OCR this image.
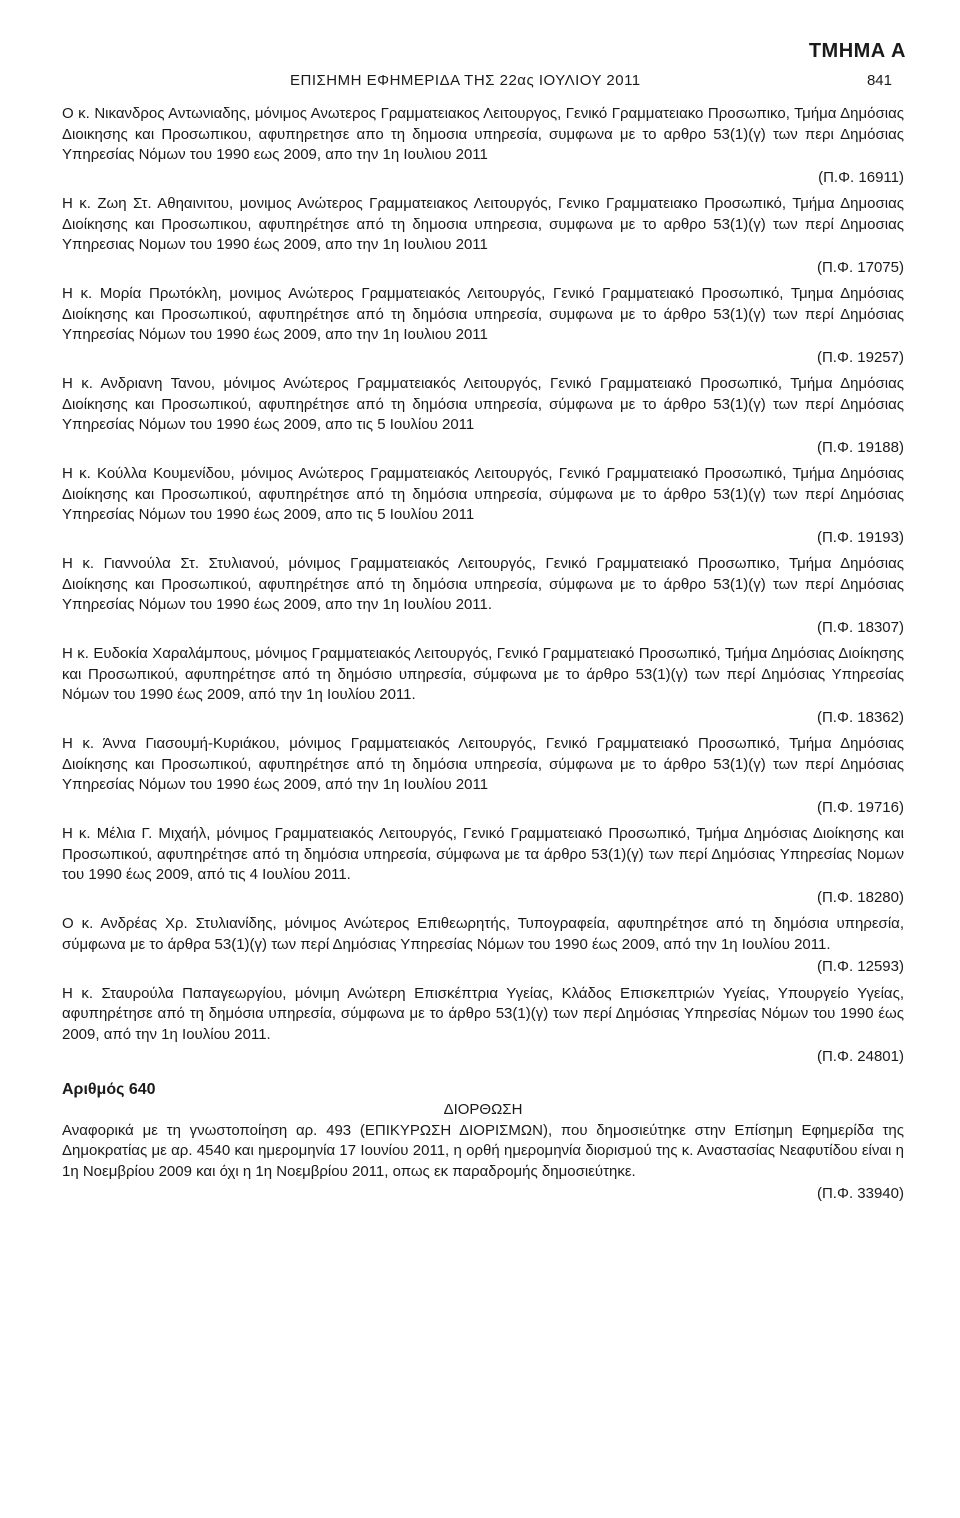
ΤΜΗΜΑ Α
ΕΠΙΣΗΜΗ ΕΦΗΜΕΡΙΔΑ ΤΗΣ 22ας ΙΟΥΛΙΟΥ 2011	841

Ο κ. Νικανδρος Αντωνιαδης, μόνιμος Ανωτερος Γραμματειακος Λειτουργος, Γενικό Γραμματειακο Προσωπικο, Τμήμα Δημόσιας Διοικησης και Προσωπικου, αφυπηρετησε απο τη δημοσια υπηρεσία, συμφωνα με το αρθρο 53(1)(γ) των περι Δημόσιας Υπηρεσίας Νόμων του 1990 εως 2009, απο την 1η Ιουλιου 2011

(Π.Φ. 16911)

Η κ. Ζωη Στ. Αθηαινιτου, μονιμος Ανώτερος Γραμματειακος Λειτουργός, Γενικο Γραμματειακο Προσωπικό, Τμήμα Δημοσιας Διοίκησης και Προσωπικου, αφυπηρέτησε από τη δημοσια υπηρεσια, συμφωνα με το αρθρο 53(1)(γ) των περί Δημοσιας Υπηρεσιας Νομων του 1990 έως 2009, απο την 1η Ιουλιου 2011

(Π.Φ. 17075)

Η κ. Μορία Πρωτόκλη, μονιμος Ανώτερος Γραμματειακός Λειτουργός, Γενικό Γραμματειακό Προσωπικό, Τμημα Δημόσιας Διοίκησης και Προσωπικού, αφυπηρέτησε από τη δημόσια υπηρεσία, συμφωνα με το άρθρο 53(1)(γ) των περί Δημόσιας Υπηρεσίας Νόμων του 1990 έως 2009, απο την 1η Ιουλιου 2011

(Π.Φ. 19257)

Η κ. Ανδριανη Τανου, μόνιμος Ανώτερος Γραμματειακός Λειτουργός, Γενικό Γραμματειακό Προσωπικό, Τμήμα Δημόσιας Διοίκησης και Προσωπικού, αφυπηρέτησε από τη δημόσια υπηρεσία, σύμφωνα με το άρθρο 53(1)(γ) των περί Δημόσιας Υπηρεσίας Νόμων του 1990 έως 2009, απο τις 5 Ιουλίου 2011

(Π.Φ. 19188)

Η κ. Κούλλα Κουμενίδου, μόνιμος Ανώτερος Γραμματειακός Λειτουργός, Γενικό Γραμματειακό Προσωπικό, Τμήμα Δημόσιας Διοίκησης και Προσωπικού, αφυπηρέτησε από τη δημόσια υπηρεσία, σύμφωνα με το άρθρο 53(1)(γ) των περί Δημόσιας Υπηρεσίας Νόμων του 1990 έως 2009, απο τις 5 Ιουλίου 2011

(Π.Φ. 19193)

Η κ. Γιαννούλα Στ. Στυλιανού, μόνιμος Γραμματειακός Λειτουργός, Γενικό Γραμματειακό Προσωπικο, Τμήμα Δημόσιας Διοίκησης και Προσωπικού, αφυπηρέτησε από τη δημόσια υπηρεσία, σύμφωνα με το άρθρο 53(1)(γ) των περί Δημόσιας Υπηρεσίας Νόμων του 1990 έως 2009, απο την 1η Ιουλίου 2011.

(Π.Φ. 18307)

Η κ. Ευδοκία Χαραλάμπους, μόνιμος Γραμματειακός Λειτουργός, Γενικό Γραμματειακό Προσωπικό, Τμήμα Δημόσιας Διοίκησης και Προσωπικού, αφυπηρέτησε από τη δημόσιο υπηρεσία, σύμφωνα με το άρθρο 53(1)(γ) των περί Δημόσιας Υπηρεσίας Νόμων του 1990 έως 2009, από την 1η Ιουλίου 2011.

(Π.Φ. 18362)

Η κ. Άννα Γιασουμή-Κυριάκου, μόνιμος Γραμματειακός Λειτουργός, Γενικό Γραμματειακό Προσωπικό, Τμήμα Δημόσιας Διοίκησης και Προσωπικού, αφυπηρέτησε από τη δημόσια υπηρεσία, σύμφωνα με το άρθρο 53(1)(γ) των περί Δημόσιας Υπηρεσίας Νόμων του 1990 έως 2009, από την 1η Ιουλίου 2011

(Π.Φ. 19716)

Η κ. Μέλια Γ. Μιχαήλ, μόνιμος Γραμματειακός Λειτουργός, Γενικό Γραμματειακό Προσωπικό, Τμήμα Δημόσιας Διοίκησης και Προσωπικού, αφυπηρέτησε από τη δημόσια υπηρεσία, σύμφωνα με τα άρθρο 53(1)(γ) των περί Δημόσιας Υπηρεσίας Νομων του 1990 έως 2009, από τις 4 Ιουλίου 2011.

(Π.Φ. 18280)

Ο κ. Ανδρέας Χρ. Στυλιανίδης, μόνιμος Ανώτερος Επιθεωρητής, Τυπογραφεία, αφυπηρέτησε από τη δημόσια υπηρεσία, σύμφωνα με το άρθρα 53(1)(γ) των περί Δημόσιας Υπηρεσίας Νόμων του 1990 έως 2009, από την 1η Ιουλίου 2011.

(Π.Φ. 12593)

Η κ. Σταυρούλα Παπαγεωργίου, μόνιμη Ανώτερη Επισκέπτρια Υγείας, Κλάδος Επισκεπτριών Υγείας, Υπουργείο Υγείας, αφυπηρέτησε από τη δημόσια υπηρεσία, σύμφωνα με το άρθρο 53(1)(γ) των περί Δημόσιας Υπηρεσίας Νόμων του 1990 έως 2009, από την 1η Ιουλίου 2011.

(Π.Φ. 24801)
Αριθμός 640
ΔΙΟΡΘΩΣΗ
Αναφορικά με τη γνωστοποίηση αρ. 493 (ΕΠΙΚΥΡΩΣΗ ΔΙΟΡΙΣΜΩΝ), που δημοσιεύτηκε στην Επίσημη Εφημερίδα της Δημοκρατίας με αρ. 4540 και ημερομηνία 17 Ιουνίου 2011, η ορθή ημερομηνία διορισμού της κ. Αναστασίας Νεαφυτίδου είναι η 1η Νοεμβρίου 2009 και όχι η 1η Νοεμβρίου 2011, οπως εκ παραδρομής δημοσιεύτηκε.
(Π.Φ. 33940)
